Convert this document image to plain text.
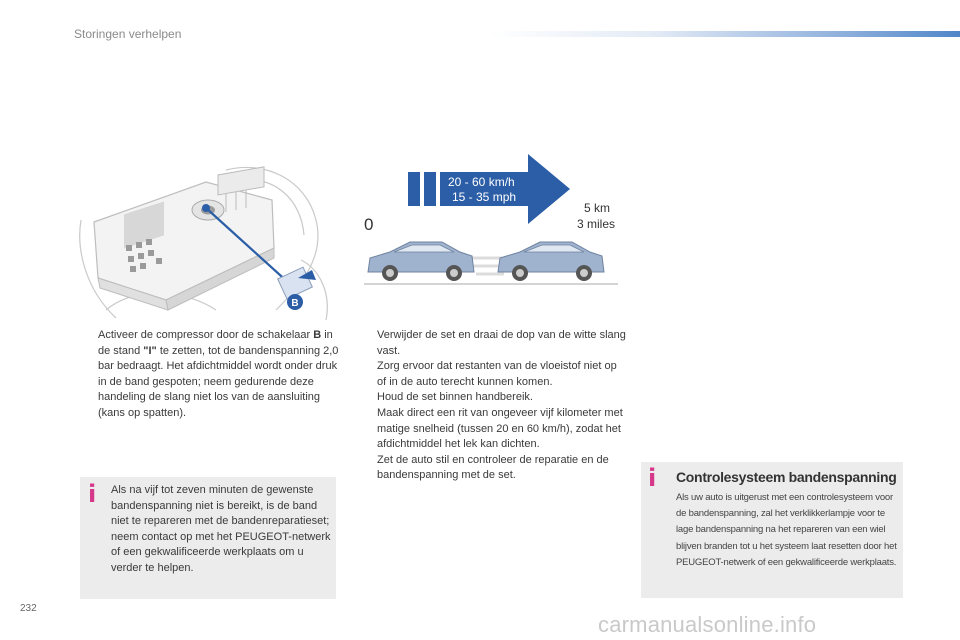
Storingen verhelpen
B
20 - 60 km/h
15 - 35 mph
5 km
3 miles
0

Activeer de compressor door de schakelaar B in de stand "I" te zetten, tot de bandenspanning 2,0 bar bedraagt. Het afdichtmiddel wordt onder druk in de band gespoten; neem gedurende deze handeling de slang niet los van de aansluiting (kans op spatten).

Verwijder de set en draai de dop van de witte slang vast.

Zorg ervoor dat restanten van de vloeistof niet op of in de auto terecht kunnen komen.

Houd de set binnen handbereik.

Maak direct een rit van ongeveer vijf kilometer met matige snelheid (tussen 20 en 60 km/h), zodat het afdichtmiddel het lek kan dichten.

Zet de auto stil en controleer de reparatie en de bandenspanning met de set.

i Als na vijf tot zeven minuten de gewenste bandenspanning niet is bereikt, is de band niet te repareren met de bandenreparatieset; neem contact op met het PEUGEOT-netwerk of een gekwalificeerde werkplaats om u verder te helpen.
i Controlesysteem bandenspanning
Als uw auto is uitgerust met een controlesysteem voor de bandenspanning, zal het verklikkerlampje voor te lage bandenspanning na het repareren van een wiel blijven branden tot u het systeem laat resetten door het PEUGEOT-netwerk of een gekwalificeerde werkplaats.
232
carmanualsonline.info
